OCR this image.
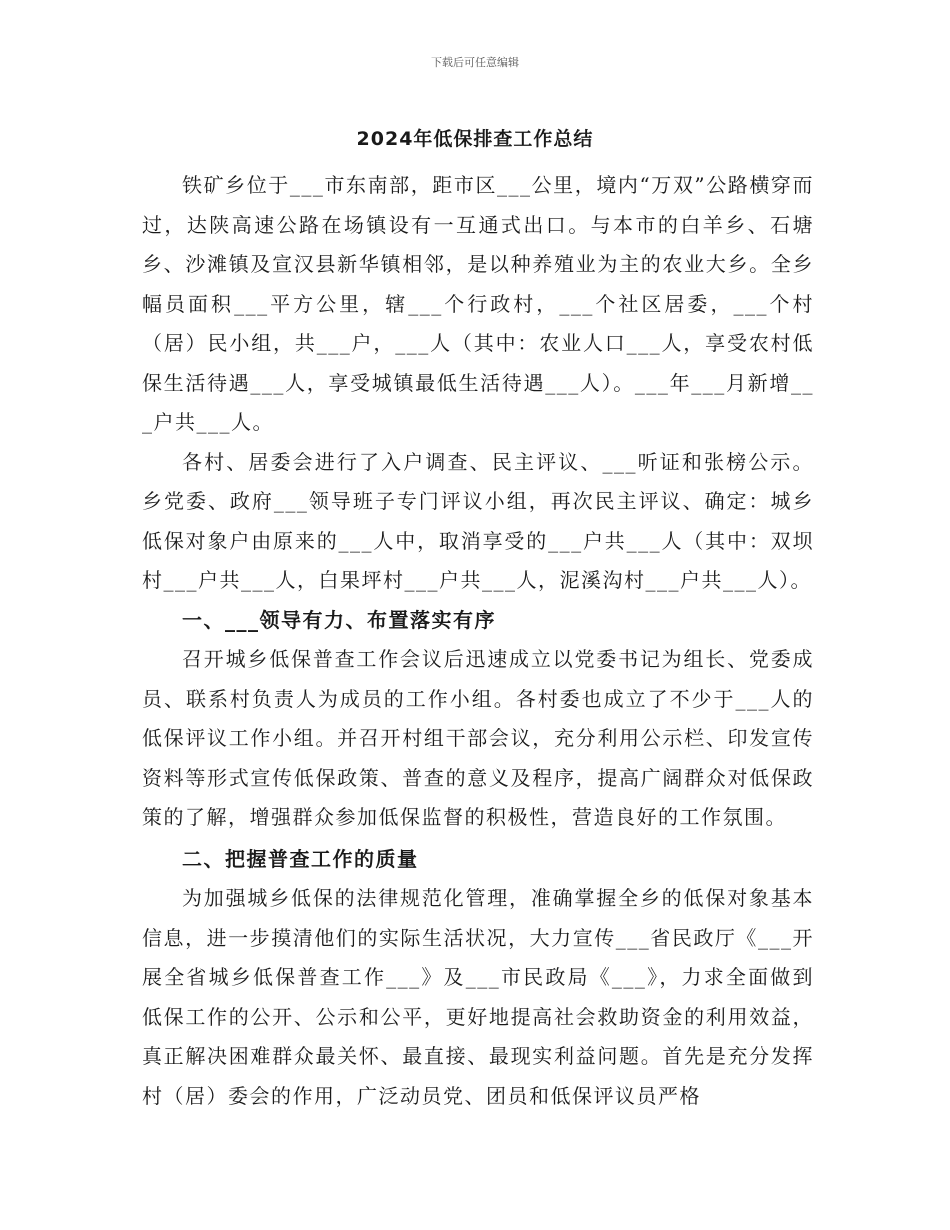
下载后可任意编辑
2024年低保排查工作总结

铁矿乡位于___市东南部，距市区___公里，境内“万双”公路横穿而过，达陕高速公路在场镇设有一互通式出口。与本市的白羊乡、石塘乡、沙滩镇及宣汉县新华镇相邻，是以种养殖业为主的农业大乡。全乡幅员面积___平方公里，辖___个行政村，___个社区居委，___个村（居）民小组，共___户，___人（其中：农业人口___人，享受农村低保生活待遇___人，享受城镇最低生活待遇___人）。___年___月新增___户共___人。

各村、居委会进行了入户调查、民主评议、___听证和张榜公示。乡党委、政府___领导班子专门评议小组，再次民主评议、确定：城乡低保对象户由原来的___人中，取消享受的___户共___人（其中：双坝村___户共___人，白果坪村___户共___人，泥溪沟村___户共___人）。

一、___领导有力、布置落实有序

召开城乡低保普查工作会议后迅速成立以党委书记为组长、党委成员、联系村负责人为成员的工作小组。各村委也成立了不少于___人的低保评议工作小组。并召开村组干部会议，充分利用公示栏、印发宣传资料等形式宣传低保政策、普查的意义及程序，提高广阔群众对低保政策的了解，增强群众参加低保监督的积极性，营造良好的工作氛围。

二、把握普查工作的质量

为加强城乡低保的法律规范化管理，准确掌握全乡的低保对象基本信息，进一步摸清他们的实际生活状况，大力宣传___省民政厅《___开展全省城乡低保普查工作___》及___市民政局《___》，力求全面做到低保工作的公开、公示和公平，更好地提高社会救助资金的利用效益，真正解决困难群众最关怀、最直接、最现实利益问题。首先是充分发挥村（居）委会的作用，广泛动员党、团员和低保评议员严格
